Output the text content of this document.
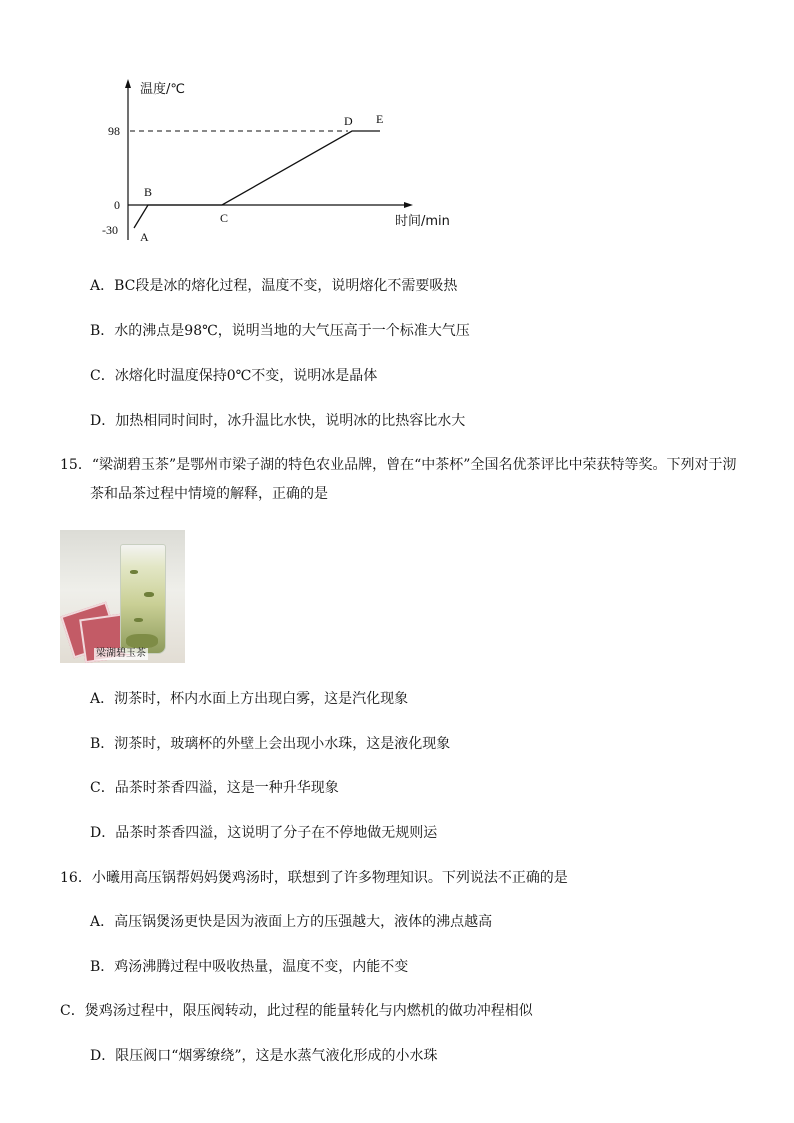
温度/℃
时间/min
98
0
-30 A
B
C
D E
A．BC段是冰的熔化过程，温度不变，说明熔化不需要吸热
B．水的沸点是98℃，说明当地的大气压高于一个标准大气压
C．冰熔化时温度保持0℃不变，说明冰是晶体
D．加热相同时间时，冰升温比水快，说明冰的比热容比水大
15．“梁湖碧玉茶”是鄂州市梁子湖的特色农业品牌，曾在“中茶杯”全国名优茶评比中荣获特等奖。下列对于沏
茶和品茶过程中情境的解释，正确的是
梁湖碧玉茶
A．沏茶时，杯内水面上方出现白雾，这是汽化现象
B．沏茶时，玻璃杯的外壁上会出现小水珠，这是液化现象
C．品茶时茶香四溢，这是一种升华现象
D．品茶时茶香四溢，这说明了分子在不停地做无规则运
16．小曦用高压锅帮妈妈煲鸡汤时，联想到了许多物理知识。下列说法不正确的是
A．高压锅煲汤更快是因为液面上方的压强越大，液体的沸点越高
B．鸡汤沸腾过程中吸收热量，温度不变，内能不变
C．煲鸡汤过程中，限压阀转动，此过程的能量转化与内燃机的做功冲程相似
D．限压阀口“烟雾缭绕”，这是水蒸气液化形成的小水珠
